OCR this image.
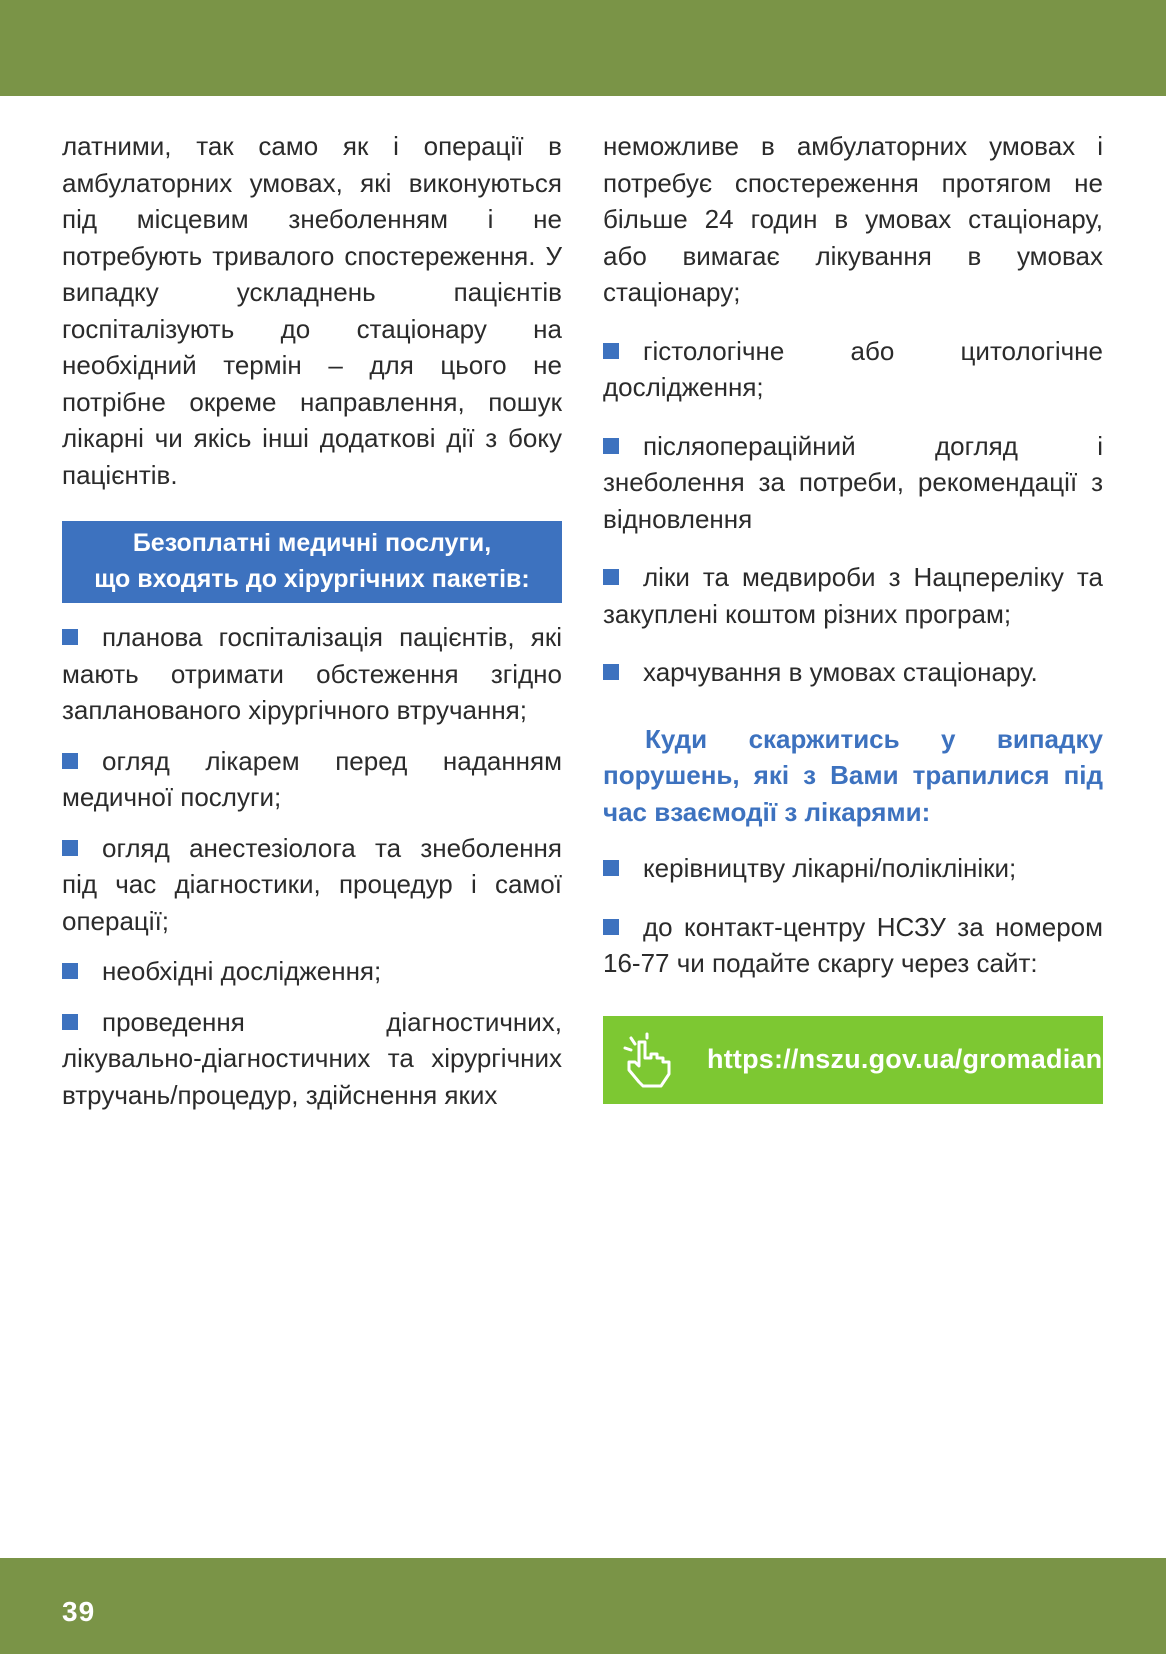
латними, так само як і операції в амбулаторних умовах, які виконуються під місцевим знеболенням і не потребують тривалого спостереження. У випадку ускладнень пацієнтів госпіталізують до стаціонару на необхідний термін – для цього не потрібне окреме направлення, пошук лікарні чи якісь інші додаткові дії з боку пацієнтів.

Безоплатні медичні послуги,
що входять до хірургічних пакетів:
планова госпіталізація пацієнтів, які мають отримати обстеження згідно запланованого хірургічного втручання;
огляд лікарем перед наданням медичної послуги;
огляд анестезіолога та знеболення під час діагностики, процедур і самої операції;
необхідні дослідження;
проведення діагностичних, лікувально-діагностичних та хірургічних втручань/процедур, здійснення яких

неможливе в амбулаторних умовах і потребує спостереження протягом не більше 24 годин в умовах стаціонару, або вимагає лікування в умовах стаціонару;

гістологічне або цитологічне дослідження;
післяопераційний догляд і знеболення за потреби, рекомендації з відновлення
ліки та медвироби з Нацпереліку та закуплені коштом різних програм;
харчування в умовах стаціонару.
Куди скаржитись у випадку порушень, які з Вами трапилися під час взаємодії з лікарями:
керівництву лікарні/поліклініки;
до контакт-центру НСЗУ за номером 16-77 чи подайте скаргу через сайт:
https://nszu.gov.ua/gromadianam
39
